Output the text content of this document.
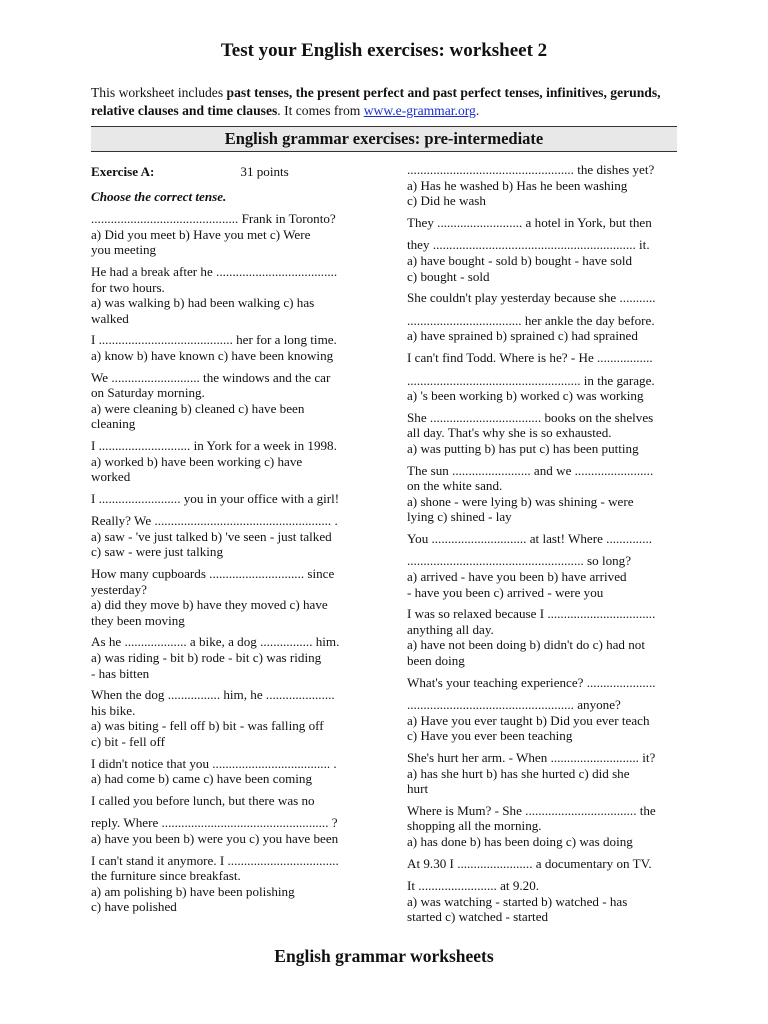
Test your English exercises: worksheet 2
This worksheet includes past tenses, the present perfect and past perfect tenses, infinitives, gerunds, relative clauses and time clauses. It comes from www.e-grammar.org.
English grammar exercises: pre-intermediate
Exercise A:	31 points
Choose the correct tense.
............................................. Frank in Toronto?
a) Did you meet b) Have you met c) Were
you meeting
He had a break after he .....................................
for two hours.
a) was walking b) had been walking c) has
walked
I ......................................... her for a long time.
a) know b) have known c) have been knowing
We ........................... the windows and the car
on Saturday morning.
a) were cleaning b) cleaned c) have been
cleaning
I ............................ in York for a week in 1998.
a) worked b) have been working c) have
worked
I ......................... you in your office with a girl!
Really? We ...................................................... .
a) saw - 've just talked b) 've seen - just talked
c) saw - were just talking
How many cupboards ............................. since
yesterday?
a) did they move b) have they moved c) have
they been moving
As he ................... a bike, a dog ................ him.
a) was riding - bit b) rode - bit c) was riding
- has bitten
When the dog ................ him, he .....................
his bike.
a) was biting - fell off b) bit - was falling off
c) bit - fell off
I didn't notice that you .................................... .
a) had come b) came c) have been coming
I called you before lunch, but there was no
reply. Where ................................................... ?
a) have you been b) were you c) you have been
I can't stand it anymore. I ..................................
the furniture since breakfast.
a) am polishing b) have been polishing
c) have polished
................................................... the dishes yet?
a) Has he washed b) Has he been washing
c) Did he wash
They .......................... a hotel in York, but then
they .............................................................. it.
a) have bought - sold b) bought - have sold
c) bought - sold
She couldn't play yesterday because she ...........
................................... her ankle the day before.
a) have sprained b) sprained c) had sprained
I can't find Todd. Where is he? - He .................
..................................................... in the garage.
a) 's been working b) worked c) was working
She .................................. books on the shelves
all day. That's why she is so exhausted.
a) was putting b) has put c) has been putting
The sun ........................ and we ........................
on the white sand.
a) shone - were lying b) was shining - were
lying c) shined - lay
You ............................. at last! Where ..............
...................................................... so long?
a) arrived - have you been b) have arrived
- have you been c) arrived - were you
I was so relaxed because I .................................
anything all day.
a) have not been doing b) didn't do c) had not
been doing
What's your teaching experience? .....................
................................................... anyone?
a) Have you ever taught b) Did you ever teach
c) Have you ever been teaching
She's hurt her arm. - When ........................... it?
a) has she hurt b) has she hurted c) did she
hurt
Where is Mum? - She .................................. the
shopping all the morning.
a) has done b) has been doing c) was doing
At 9.30 I ....................... a documentary on TV.
It ........................ at 9.20.
a) was watching - started b) watched - has
started c) watched - started
English grammar worksheets
